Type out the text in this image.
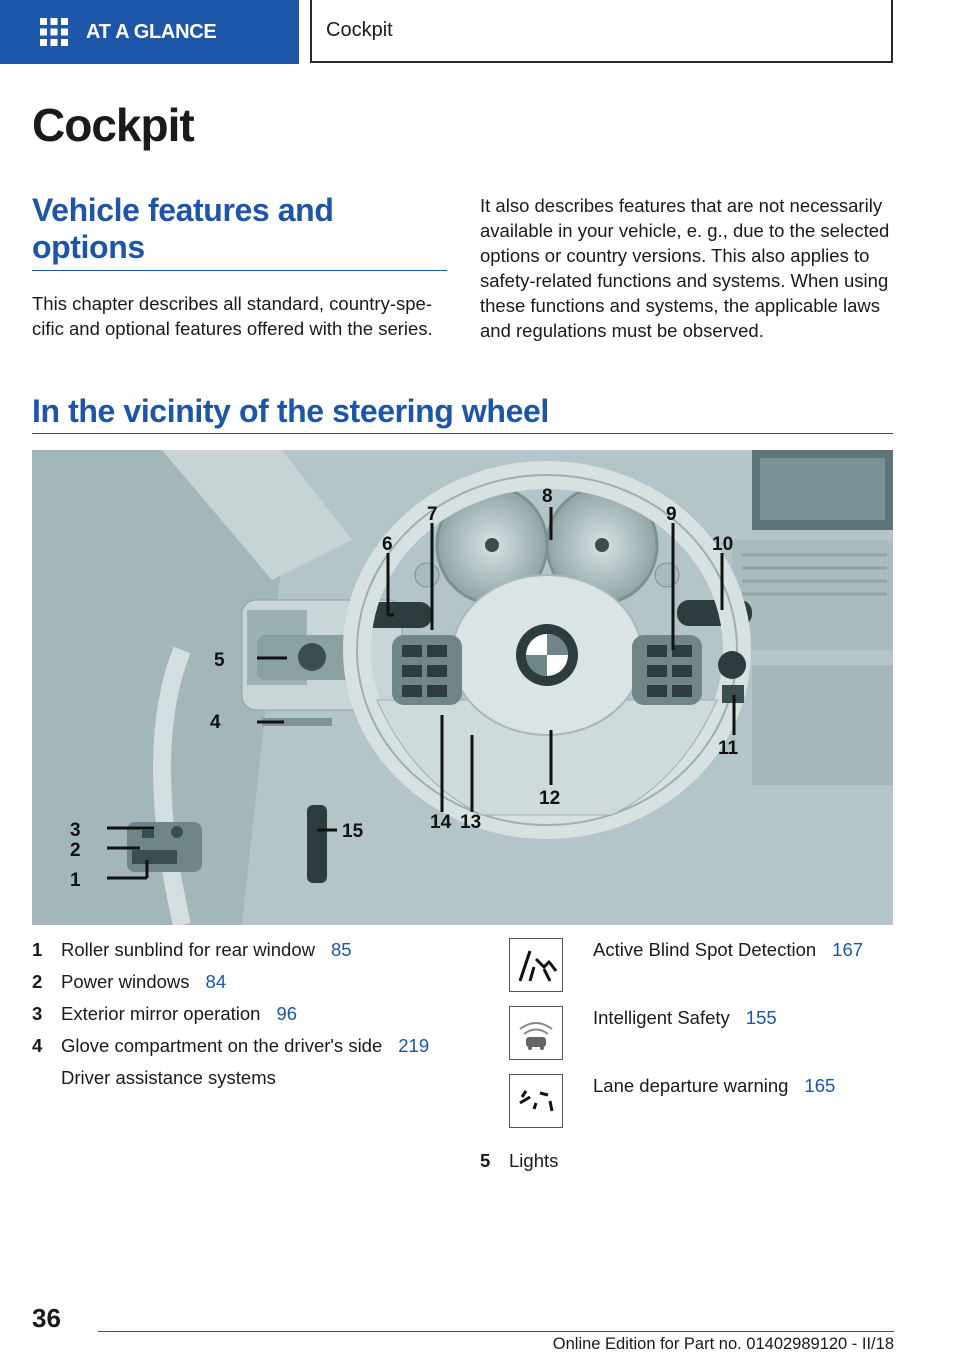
AT A GLANCE	Cockpit
Cockpit
Vehicle features and options

This chapter describes all standard, country-specific and optional features offered with the series.

It also describes features that are not necessarily available in your vehicle, e. g., due to the selected options or country versions. This also applies to safety-related functions and systems. When using these functions and systems, the applicable laws and regulations must be observed.

In the vicinity of the steering wheel
3
2
1
4
5
6
7
8
9
10
11
12
13
14
15
1	Roller sunblind for rear window 85
2	Power windows 84
3	Exterior mirror operation 96
4	Glove compartment on the driver's side 219
Driver assistance systems
Active Blind Spot Detection 167
Intelligent Safety 155
Lane departure warning 165
5	Lights
36
Online Edition for Part no. 01402989120 - II/18
